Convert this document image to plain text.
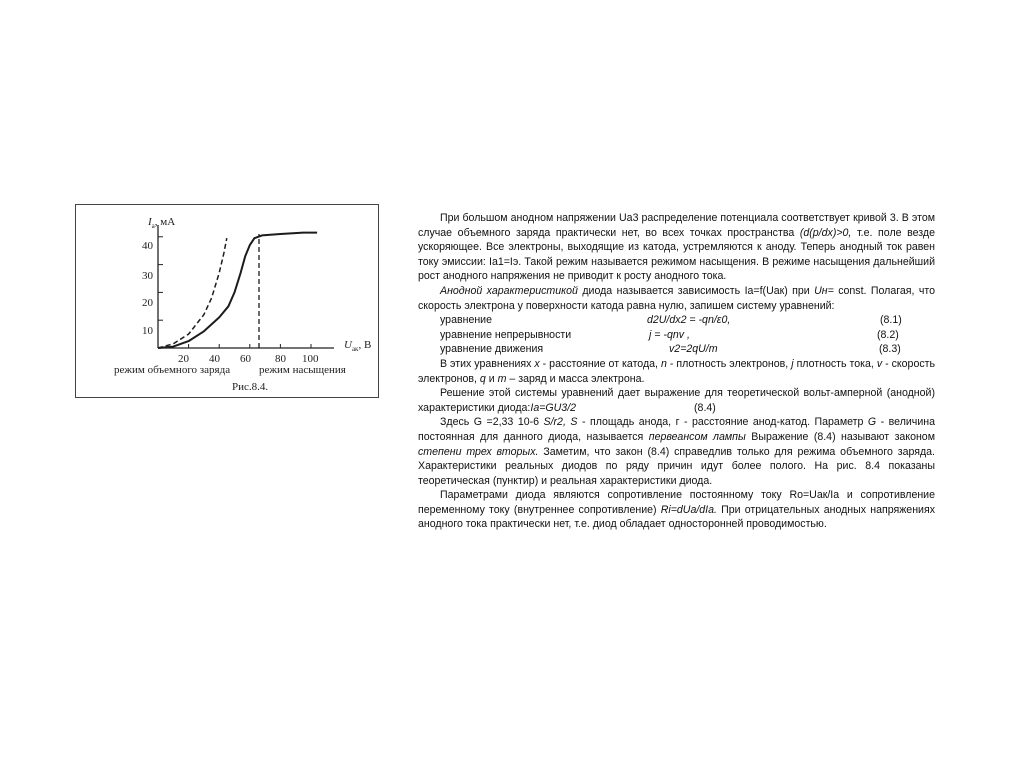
$I_а$, мА
$U_{ак}$, В
10
20
30
40
20 40 60 80 100
режим объемного заряда	режим насыщения
Рис.8.4.

При большом анодном напряжении Uа3 распределение потенциала соответствует кривой 3. В этом случае объемного заряда практически нет, во всех точках пространства (d(p/dx)>0, т.е. поле везде ускоряющее. Все электроны, выходящие из катода, устремляются к аноду. Теперь анодный ток равен току эмиссии: Ia1=Iэ. Такой режим называется режимом насыщения. В режиме насыщения дальнейший рост анодного напряжения не приводит к росту анодного тока.

Анодной характеристикой диода называется зависимость Ia=f(Uак) при Uн= const. Полагая, что скорость электрона у поверхности катода равна нулю, запишем систему уравнений:

уравнение	d2U/dx2 = -qn/ε0,	(8.1)
уравнение непрерывности	j = -qnv ,	(8.2)
уравнение движения	v2=2qU/m	(8.3)

В этих уравнениях x - расстояние от катода, n - плотность электронов, j плотность тока, v - скорость электронов, q и т – заряд и масса электрона.

Решение этой системы уравнений дает выражение для теоретической вольт-амперной (анодной) характеристики диода:Ia=GU3/2	(8.4)

Здесь G =2,33 10-6 S/r2, S - площадь анода, г - расстояние анод-катод. Параметр G - величина постоянная для данного диода, называется первеансом лампы Выражение (8.4) называют законом степени трех вторых. Заметим, что закон (8.4) справедлив только для режима объемного заряда. Характеристики реальных диодов по ряду причин идут более полого. На рис. 8.4 показаны теоретическая (пунктир) и реальная характеристики диода.

Параметрами диода являются сопротивление постоянному току Ro=Uак/Ia и сопротивление переменному току (внутреннее сопротивление) Ri=dUa/dIa. При отрицательных анодных напряжениях анодного тока практически нет, т.е. диод обладает односторонней проводимостью.
